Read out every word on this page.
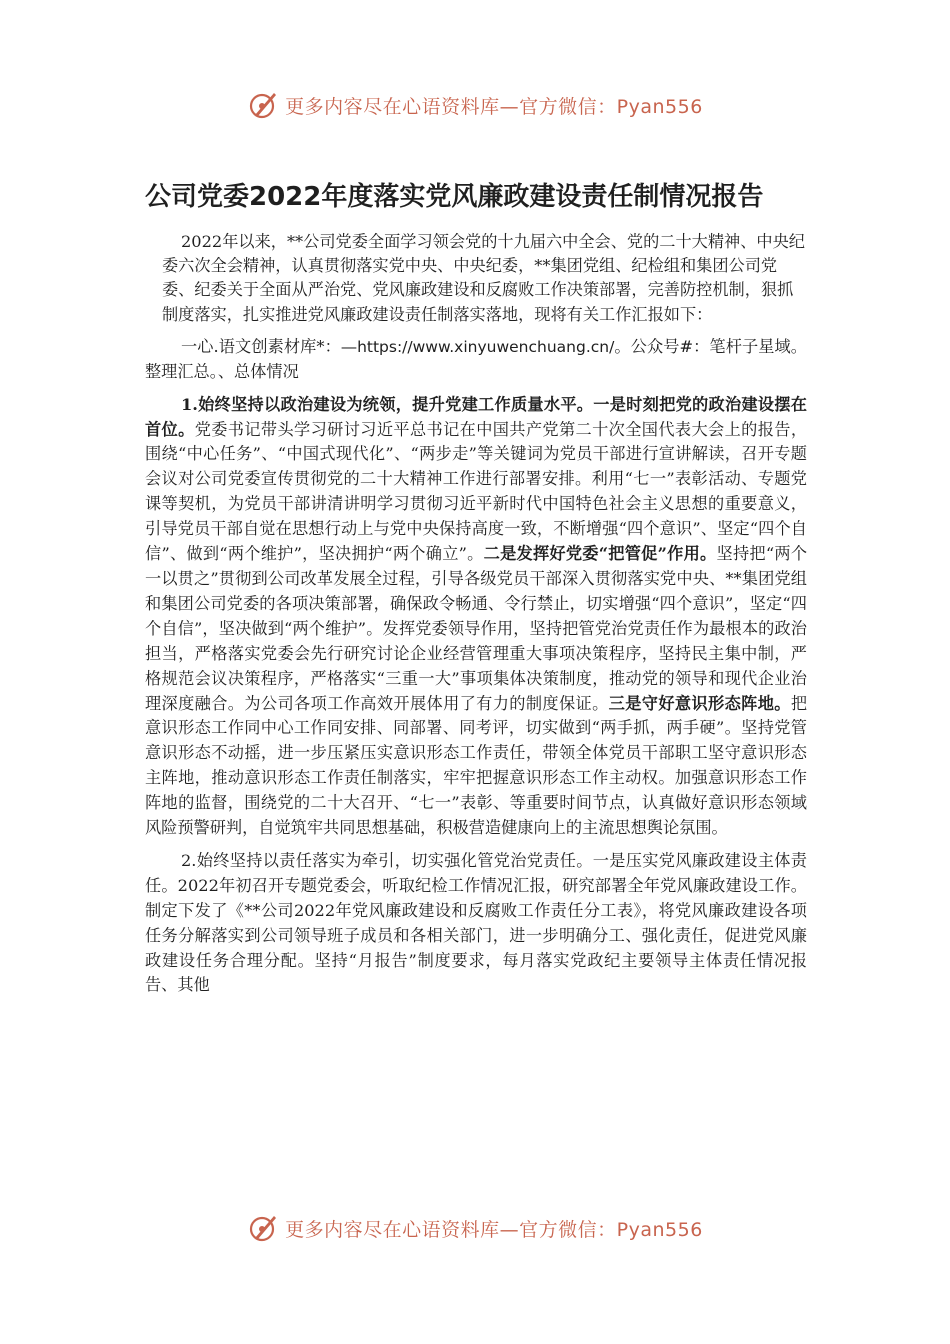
更多内容尽在心语资料库—官方微信：Pyan556
公司党委2022年度落实党风廉政建设责任制情况报告
2022年以来，**公司党委全面学习领会党的十九届六中全会、党的二十大精神、中央纪委六次全会精神，认真贯彻落实党中央、中央纪委，**集团党组、纪检组和集团公司党委、纪委关于全面从严治党、党风廉政建设和反腐败工作决策部署，完善防控机制，狠抓制度落实，扎实推进党风廉政建设责任制落实落地，现将有关工作汇报如下：

一心.语文创素材库*：—https://www.xinyuwenchuang.cn/。公众号#：笔杆子星域。整理汇总。、总体情况

1.始终坚持以政治建设为统领，提升党建工作质量水平。一是时刻把党的政治建设摆在首位。党委书记带头学习研讨习近平总书记在中国共产党第二十次全国代表大会上的报告，围绕“中心任务”、“中国式现代化”、“两步走”等关键词为党员干部进行宣讲解读，召开专题会议对公司党委宣传贯彻党的二十大精神工作进行部署安排。利用“七一”表彰活动、专题党课等契机，为党员干部讲清讲明学习贯彻习近平新时代中国特色社会主义思想的重要意义，引导党员干部自觉在思想行动上与党中央保持高度一致，不断增强“四个意识”、坚定“四个自信”、做到“两个维护”，坚决拥护“两个确立”。二是发挥好党委“把管促”作用。坚持把“两个一以贯之”贯彻到公司改革发展全过程，引导各级党员干部深入贯彻落实党中央、**集团党组和集团公司党委的各项决策部署，确保政令畅通、令行禁止，切实增强“四个意识”，坚定“四个自信”，坚决做到“两个维护”。发挥党委领导作用，坚持把管党治党责任作为最根本的政治担当，严格落实党委会先行研究讨论企业经营管理重大事项决策程序，坚持民主集中制，严格规范会议决策程序，严格落实“三重一大”事项集体决策制度，推动党的领导和现代企业治理深度融合。为公司各项工作高效开展体用了有力的制度保证。三是守好意识形态阵地。把意识形态工作同中心工作同安排、同部署、同考评，切实做到“两手抓，两手硬”。坚持党管意识形态不动摇，进一步压紧压实意识形态工作责任，带领全体党员干部职工坚守意识形态主阵地，推动意识形态工作责任制落实，牢牢把握意识形态工作主动权。加强意识形态工作阵地的监督，围绕党的二十大召开、“七一”表彰、等重要时间节点，认真做好意识形态领域风险预警研判，自觉筑牢共同思想基础，积极营造健康向上的主流思想舆论氛围。

2.始终坚持以责任落实为牵引，切实强化管党治党责任。一是压实党风廉政建设主体责任。2022年初召开专题党委会，听取纪检工作情况汇报，研究部署全年党风廉政建设工作。制定下发了《**公司2022年党风廉政建设和反腐败工作责任分工表》，将党风廉政建设各项任务分解落实到公司领导班子成员和各相关部门，进一步明确分工、强化责任，促进党风廉政建设任务合理分配。坚持“月报告”制度要求，每月落实党政纪主要领导主体责任情况报告、其他

更多内容尽在心语资料库—官方微信：Pyan556
